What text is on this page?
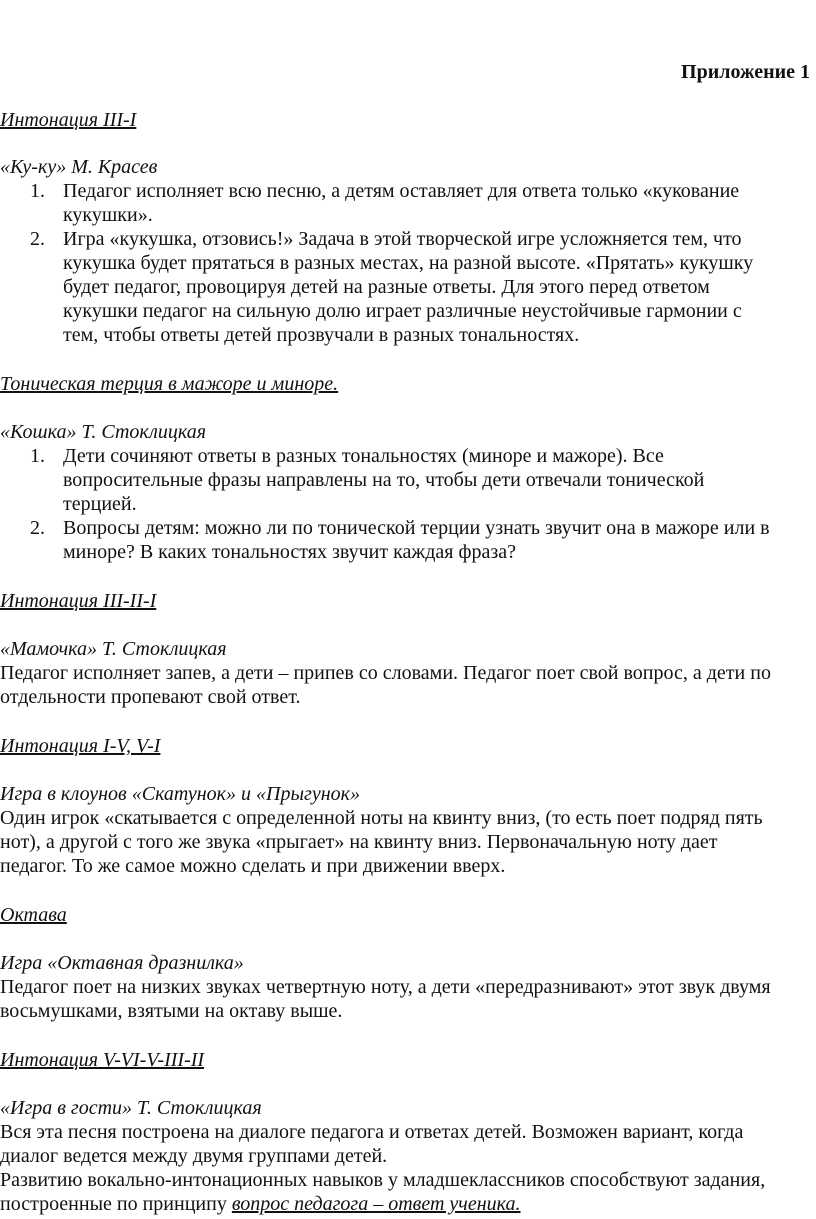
Приложение 1
Интонация III-I
«Ку-ку» М. Красев
1. Педагог исполняет всю песню, а детям оставляет для ответа только «кукование
кукушки».
2. Игра «кукушка, отзовись!» Задача в этой творческой игре усложняется тем, что
кукушка будет прятаться в разных местах, на разной высоте. «Прятать» кукушку
будет педагог, провоцируя детей на разные ответы. Для этого перед ответом
кукушки педагог на сильную долю играет различные неустойчивые гармонии с
тем, чтобы ответы детей прозвучали в разных тональностях.
Тоническая терция в мажоре и миноре.
«Кошка» Т. Стоклицкая
1. Дети сочиняют ответы в разных тональностях (миноре и мажоре). Все
вопросительные фразы направлены на то, чтобы дети отвечали тонической
терцией.
2. Вопросы детям: можно ли по тонической терции узнать звучит она в мажоре или в
миноре? В каких тональностях звучит каждая фраза?
Интонация III-II-I
«Мамочка» Т. Стоклицкая
Педагог исполняет запев, а дети – припев со словами. Педагог поет свой вопрос, а дети по
отдельности пропевают свой ответ.
Интонация I-V, V-I
Игра в клоунов «Скатунок» и «Прыгунок»
Один игрок «скатывается с определенной ноты на квинту вниз, (то есть поет подряд пять
нот), а другой с того же звука «прыгает» на квинту вниз. Первоначальную ноту дает
педагог. То же самое можно сделать и при движении вверх.
Октава
Игра «Октавная дразнилка»
Педагог поет на низких звуках четвертную ноту, а дети «передразнивают» этот звук двумя
восьмушками, взятыми на октаву выше.
Интонация V-VI-V-III-II
«Игра в гости» Т. Стоклицкая
Вся эта песня построена на диалоге педагога и ответах детей. Возможен вариант, когда
диалог ведется между двумя группами детей.
Развитию вокально-интонационных навыков у младшеклассников способствуют задания,
построенные по принципу вопрос педагога – ответ ученика.
